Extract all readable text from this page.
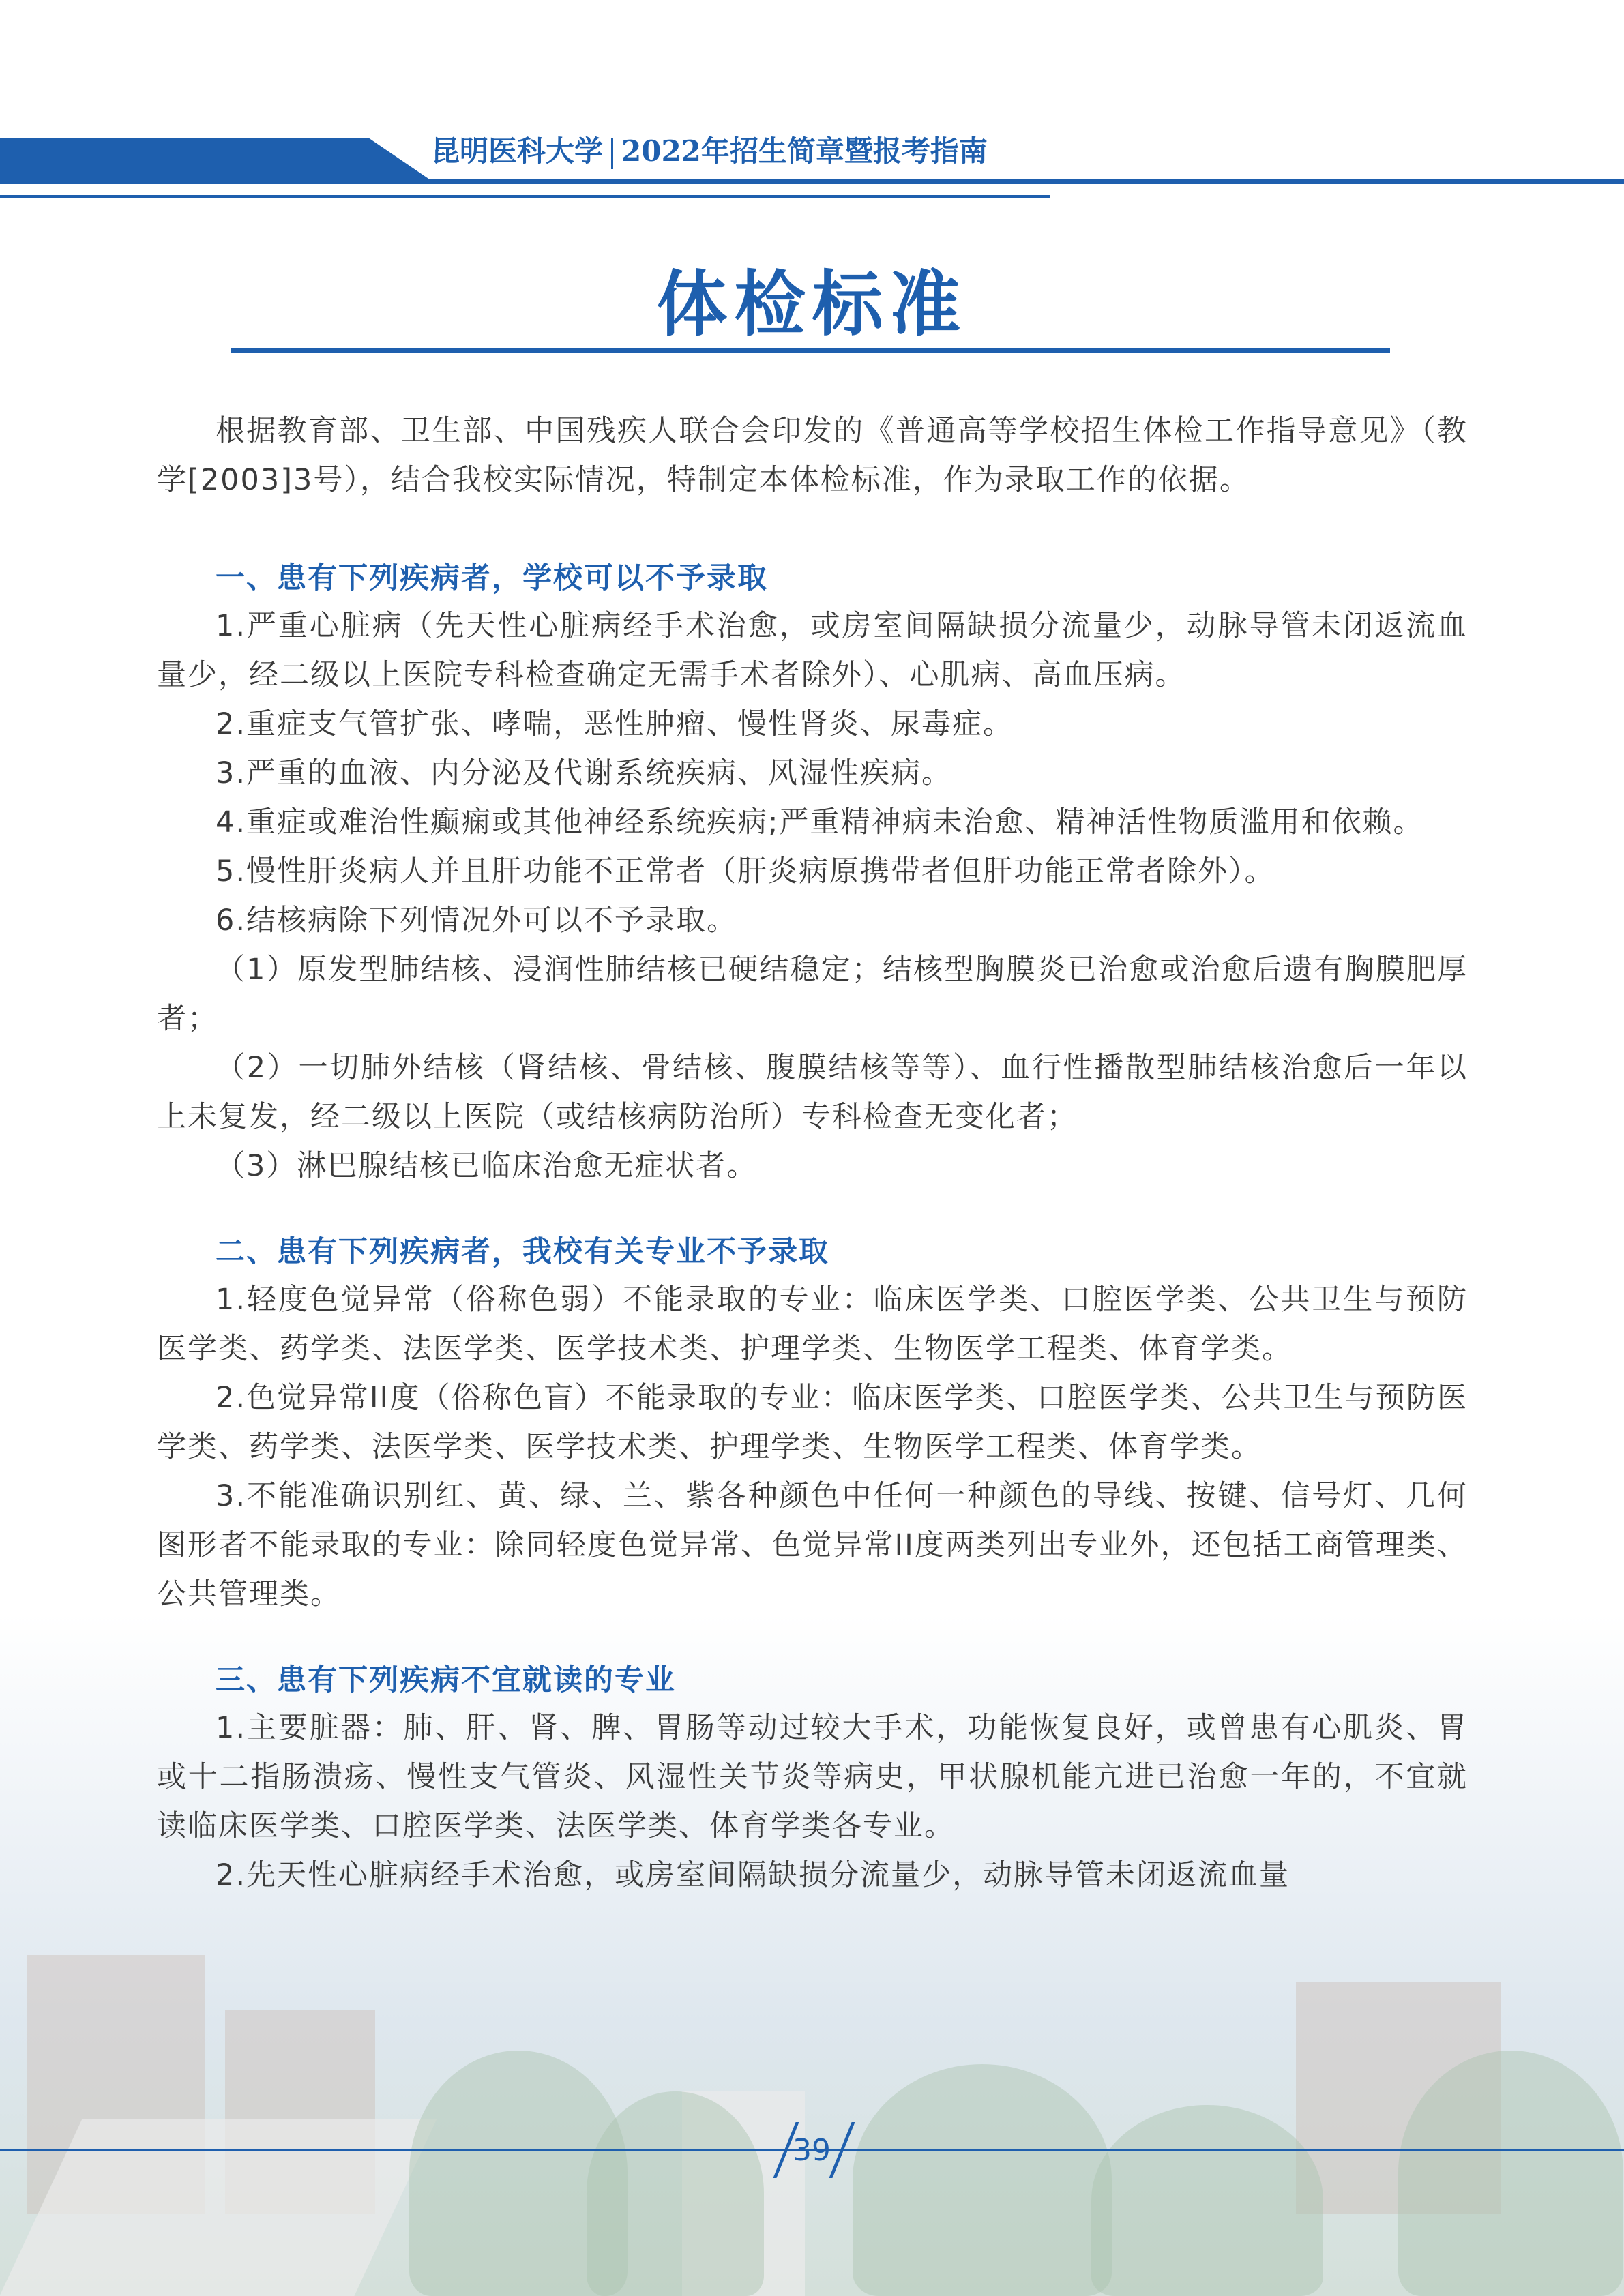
昆明医科大学 2022年招生简章暨报考指南
体检标准

根据教育部、卫生部、中国残疾人联合会印发的《普通高等学校招生体检工作指导意见》（教学[2003]3号），结合我校实际情况，特制定本体检标准，作为录取工作的依据。

一、患有下列疾病者，学校可以不予录取

1.严重心脏病（先天性心脏病经手术治愈，或房室间隔缺损分流量少，动脉导管未闭返流血量少，经二级以上医院专科检查确定无需手术者除外）、心肌病、高血压病。

2.重症支气管扩张、哮喘，恶性肿瘤、慢性肾炎、尿毒症。

3.严重的血液、内分泌及代谢系统疾病、风湿性疾病。

4.重症或难治性癫痫或其他神经系统疾病;严重精神病未治愈、精神活性物质滥用和依赖。

5.慢性肝炎病人并且肝功能不正常者（肝炎病原携带者但肝功能正常者除外）。

6.结核病除下列情况外可以不予录取。

（1）原发型肺结核、浸润性肺结核已硬结稳定；结核型胸膜炎已治愈或治愈后遗有胸膜肥厚者；

（2）一切肺外结核（肾结核、骨结核、腹膜结核等等）、血行性播散型肺结核治愈后一年以上未复发，经二级以上医院（或结核病防治所）专科检查无变化者；

（3）淋巴腺结核已临床治愈无症状者。

二、患有下列疾病者，我校有关专业不予录取

1.轻度色觉异常（俗称色弱）不能录取的专业：临床医学类、口腔医学类、公共卫生与预防医学类、药学类、法医学类、医学技术类、护理学类、生物医学工程类、体育学类。

2.色觉异常II度（俗称色盲）不能录取的专业：临床医学类、口腔医学类、公共卫生与预防医学类、药学类、法医学类、医学技术类、护理学类、生物医学工程类、体育学类。

3.不能准确识别红、黄、绿、兰、紫各种颜色中任何一种颜色的导线、按键、信号灯、几何图形者不能录取的专业：除同轻度色觉异常、色觉异常II度两类列出专业外，还包括工商管理类、公共管理类。

三、患有下列疾病不宜就读的专业

1.主要脏器：肺、肝、肾、脾、胃肠等动过较大手术，功能恢复良好，或曾患有心肌炎、胃或十二指肠溃疡、慢性支气管炎、风湿性关节炎等病史，甲状腺机能亢进已治愈一年的，不宜就读临床医学类、口腔医学类、法医学类、体育学类各专业。

2.先天性心脏病经手术治愈，或房室间隔缺损分流量少，动脉导管未闭返流血量

39
